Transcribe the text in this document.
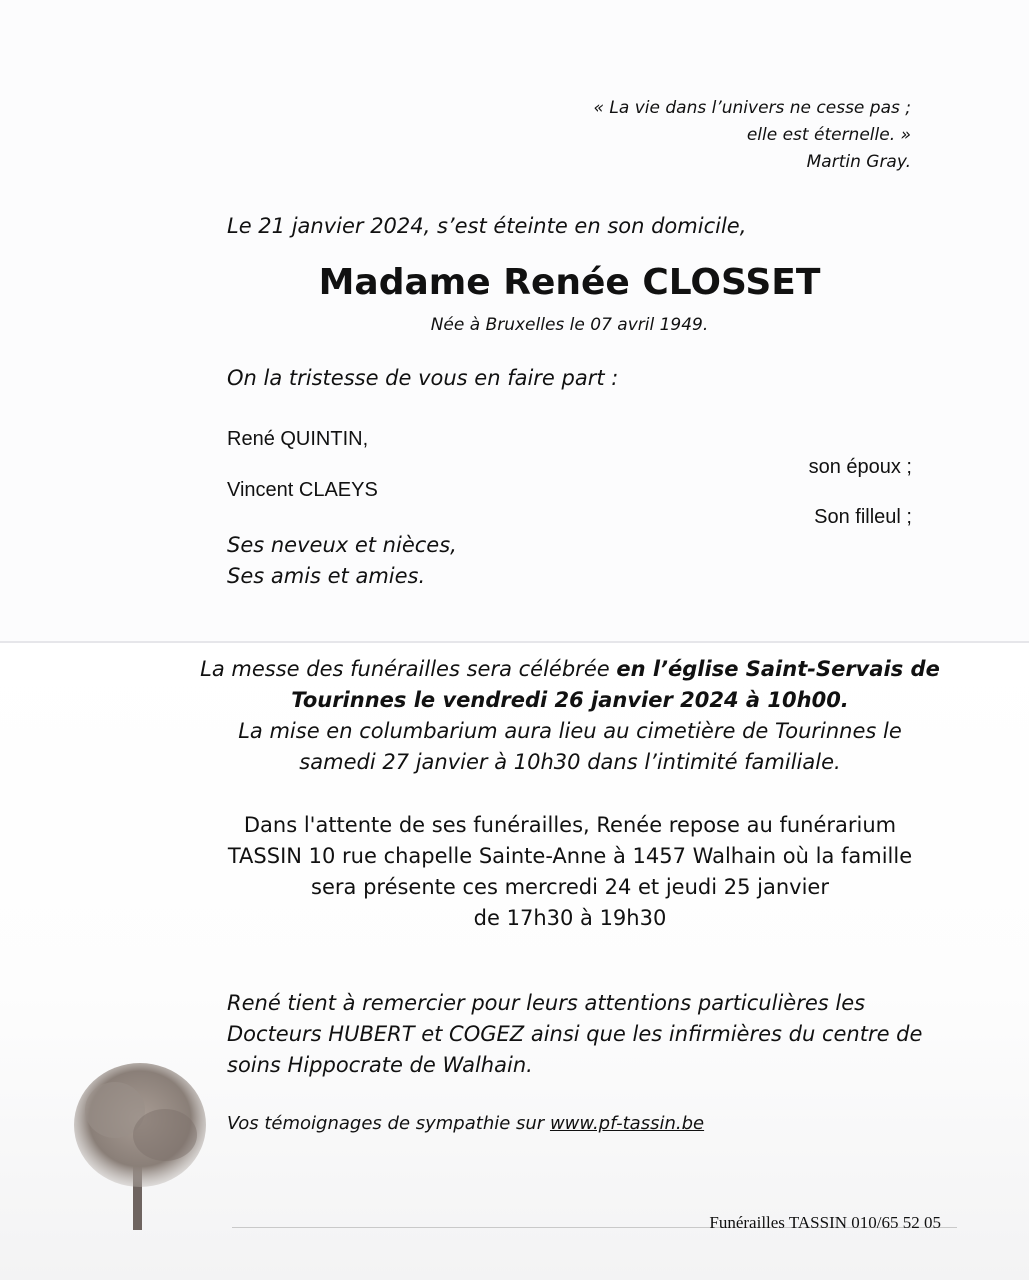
« La vie dans l’univers ne cesse pas ;
elle est éternelle. »
Martin Gray.
Le 21 janvier 2024, s’est éteinte en son domicile,
Madame Renée CLOSSET
Née à Bruxelles le 07 avril 1949.
On la tristesse de vous en faire part :
René QUINTIN,
son époux ;
Vincent CLAEYS
Son filleul ;
Ses neveux et nièces,
Ses amis et amies.
La messe des funérailles sera célébrée en l’église Saint-Servais de
Tourinnes le vendredi 26 janvier 2024 à 10h00.
La mise en columbarium aura lieu au cimetière de Tourinnes le
samedi 27 janvier à 10h30 dans l’intimité familiale.
Dans l'attente de ses funérailles, Renée repose au funérarium
TASSIN 10 rue chapelle Sainte-Anne à 1457 Walhain où la famille
sera présente ces mercredi 24 et jeudi 25 janvier
de 17h30 à 19h30
René tient à remercier pour leurs attentions particulières les
Docteurs HUBERT et COGEZ ainsi que les infirmières du centre de
soins Hippocrate de Walhain.
Vos témoignages de sympathie sur www.pf-tassin.be
Funérailles TASSIN 010/65 52 05
